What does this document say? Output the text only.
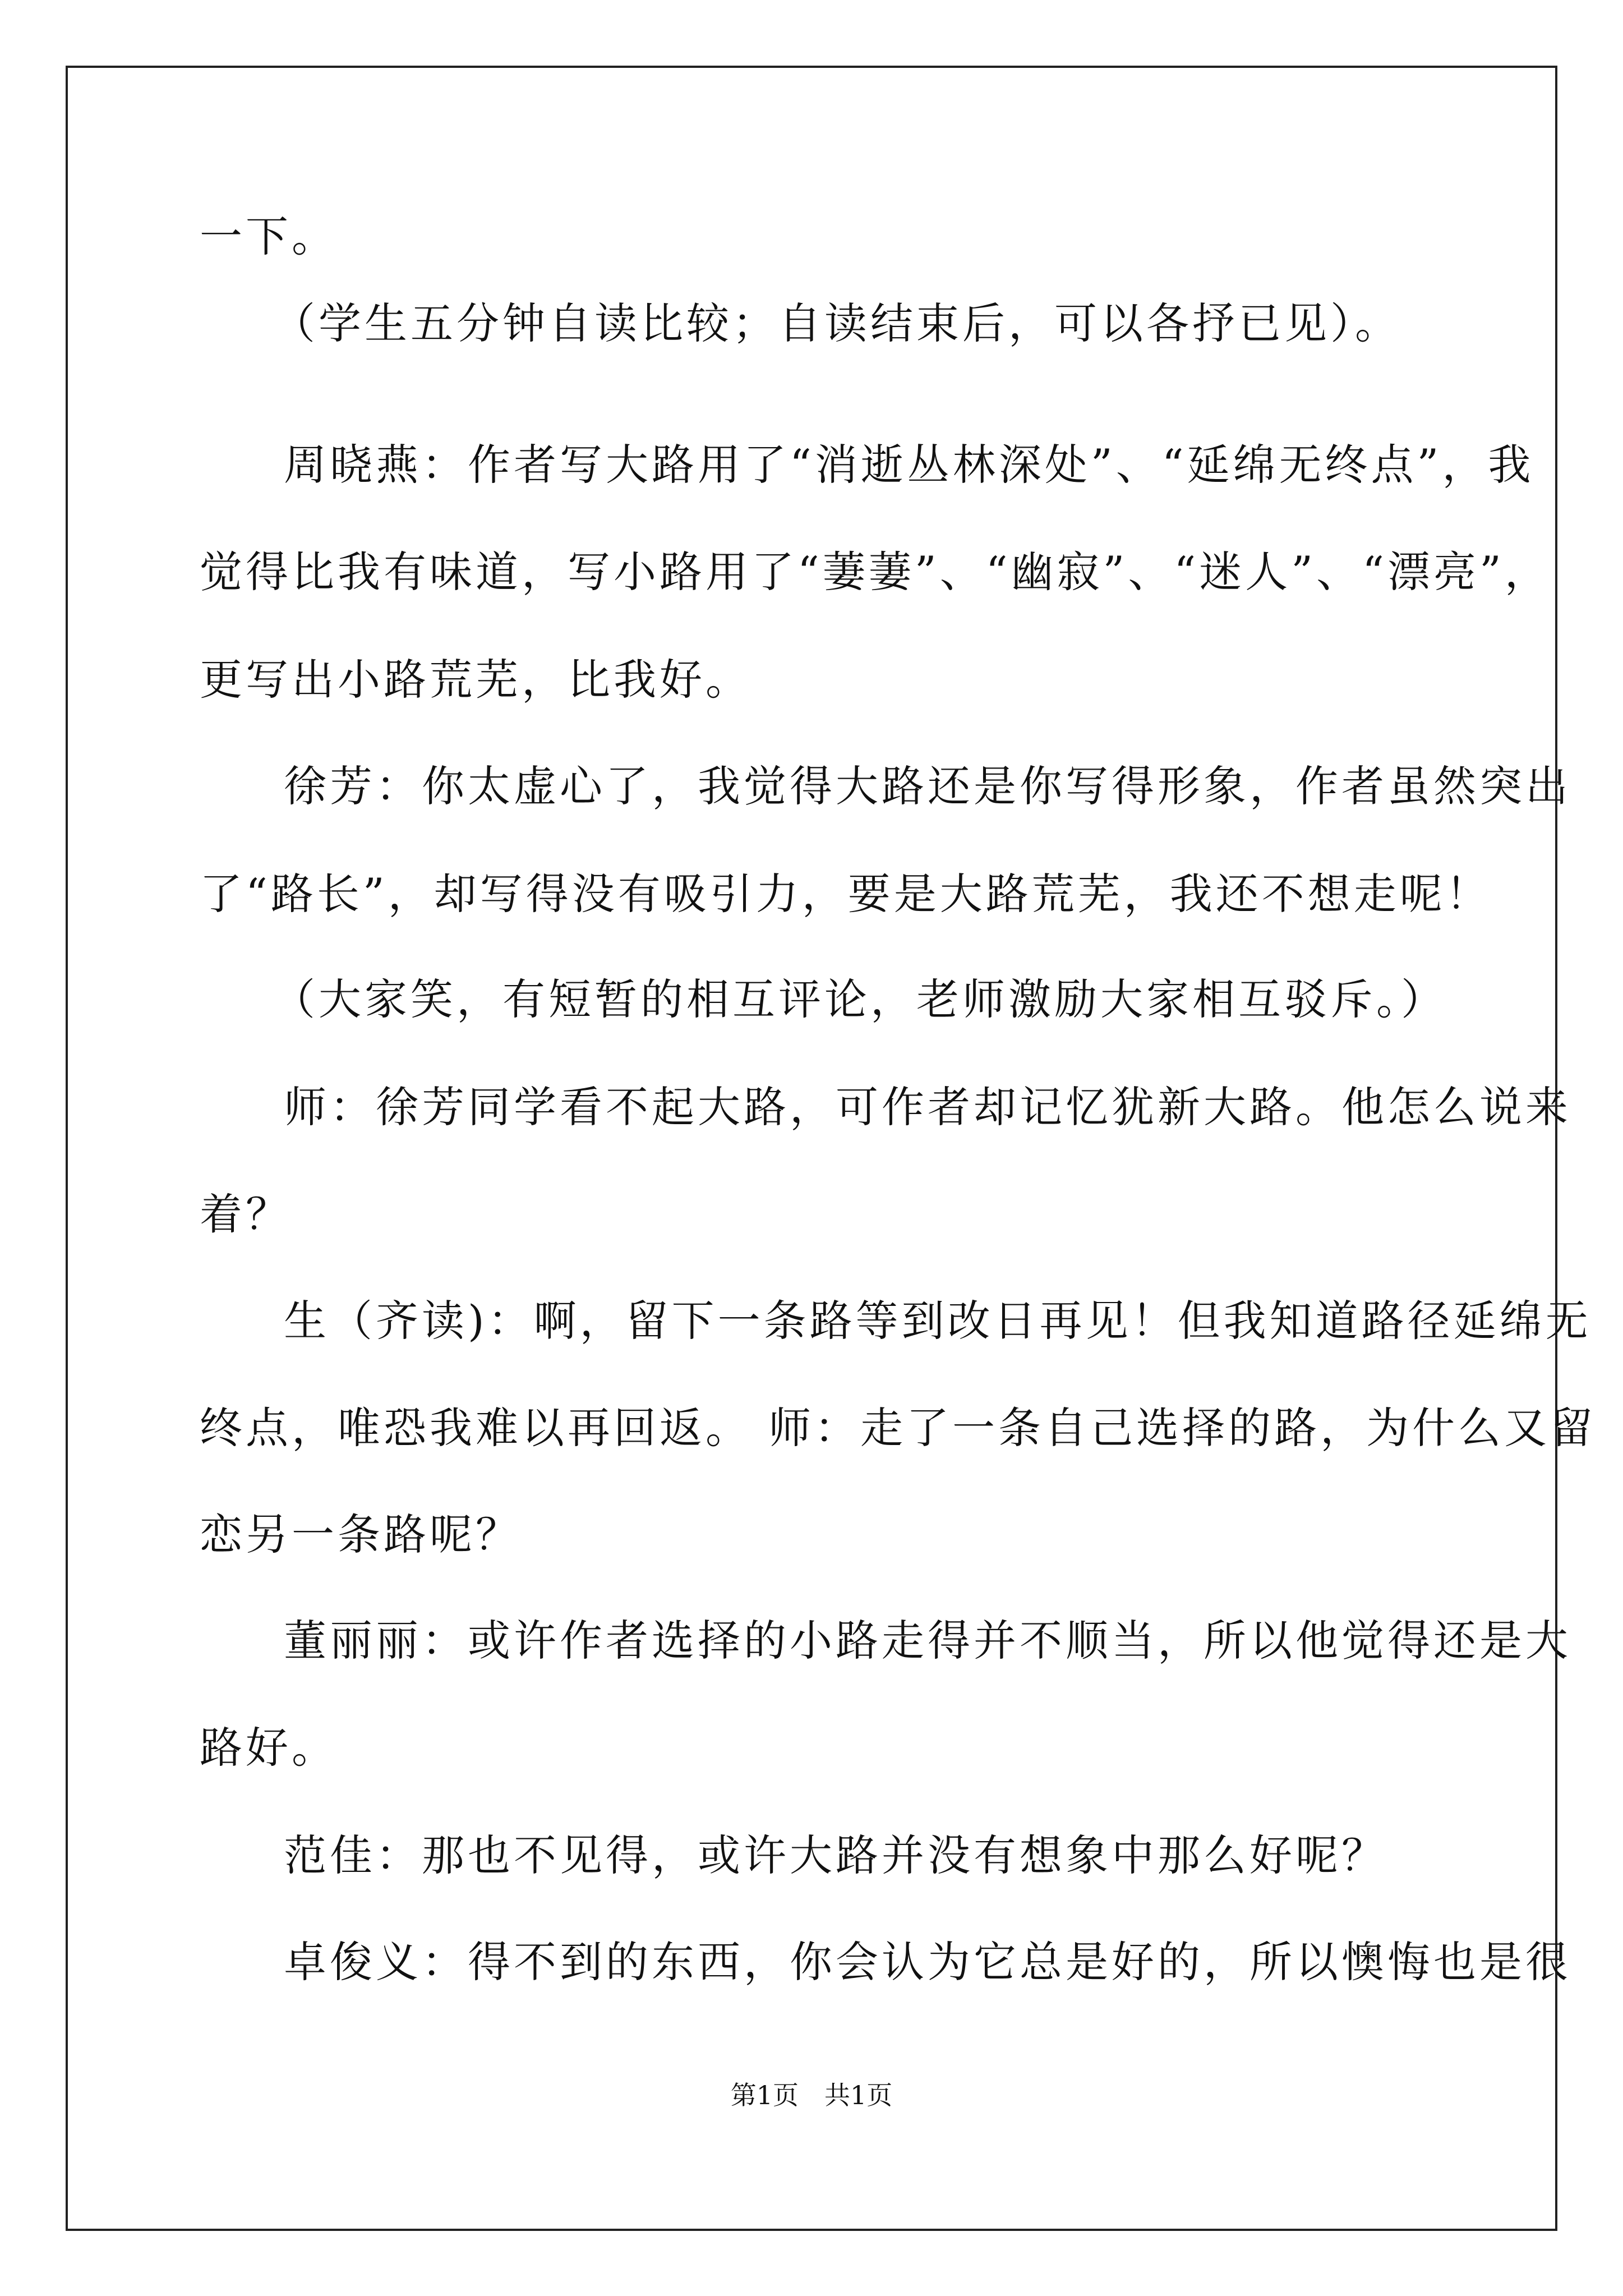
一下。
（学生五分钟自读比较；自读结束后，可以各抒已见）。
周晓燕：作者写大路用了“消逝丛林深处”、“延绵无终点”，我
觉得比我有味道，写小路用了“萋萋”、“幽寂”、“迷人”、“漂亮”，
更写出小路荒芜，比我好。
徐芳：你太虚心了，我觉得大路还是你写得形象，作者虽然突出
了“路长”，却写得没有吸引力，要是大路荒芜，我还不想走呢！
（大家笑，有短暂的相互评论，老师激励大家相互驳斥。）
师：徐芳同学看不起大路，可作者却记忆犹新大路。他怎么说来
着？
生（齐读)：啊，留下一条路等到改日再见！但我知道路径延绵无
终点，唯恐我难以再回返。 师：走了一条自己选择的路，为什么又留
恋另一条路呢？
董丽丽：或许作者选择的小路走得并不顺当，所以他觉得还是大
路好。
范佳：那也不见得，或许大路并没有想象中那么好呢？
卓俊义：得不到的东西，你会认为它总是好的，所以懊悔也是很
第1页　共1页
